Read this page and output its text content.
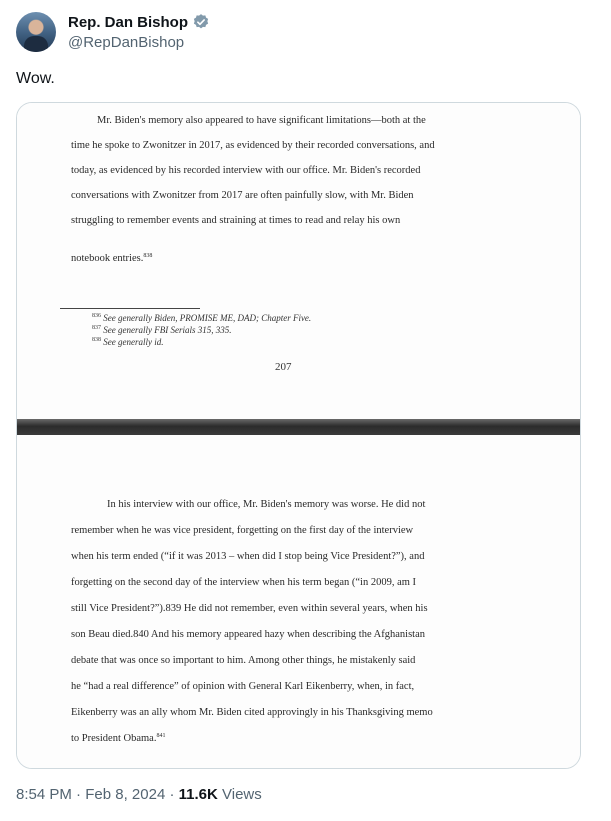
Rep. Dan Bishop
@RepDanBishop
Wow.
Mr. Biden's memory also appeared to have significant limitations—both at the
time he spoke to Zwonitzer in 2017, as evidenced by their recorded conversations, and
today, as evidenced by his recorded interview with our office. Mr. Biden's recorded
conversations with Zwonitzer from 2017 are often painfully slow, with Mr. Biden
struggling to remember events and straining at times to read and relay his own
notebook entries.$^{838}$
$^{836}$ See generally Biden, PROMISE ME, DAD; Chapter Five.
$^{837}$ See generally FBI Serials 315, 335.
$^{838}$ See generally id.
207
In his interview with our office, Mr. Biden's memory was worse. He did not
remember when he was vice president, forgetting on the first day of the interview
when his term ended (“if it was 2013 – when did I stop being Vice President?”), and
forgetting on the second day of the interview when his term began (“in 2009, am I
still Vice President?”).839 He did not remember, even within several years, when his
son Beau died.840 And his memory appeared hazy when describing the Afghanistan
debate that was once so important to him. Among other things, he mistakenly said
he “had a real difference” of opinion with General Karl Eikenberry, when, in fact,
Eikenberry was an ally whom Mr. Biden cited approvingly in his Thanksgiving memo
to President Obama.$^{841}$
8:54 PM · Feb 8, 2024 · 11.6K Views
